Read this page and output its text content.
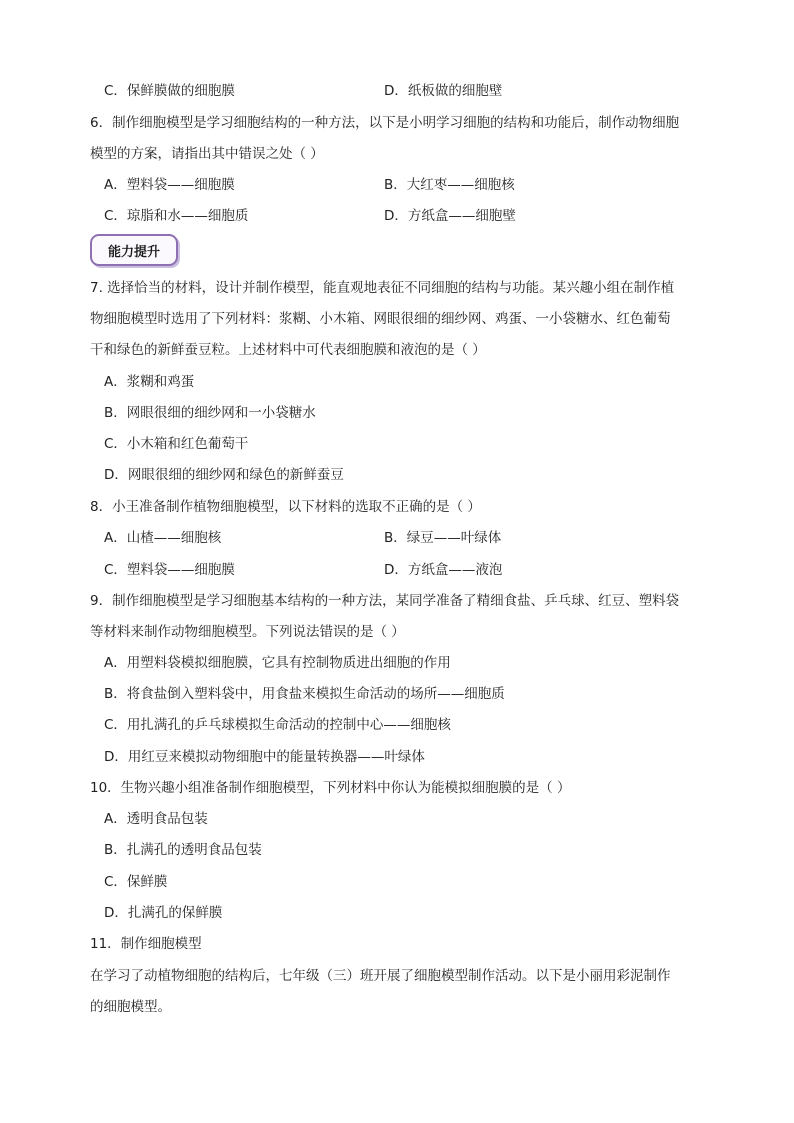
C．保鲜膜做的细胞膜	D．纸板做的细胞壁
6．制作细胞模型是学习细胞结构的一种方法，以下是小明学习细胞的结构和功能后，制作动物细胞
模型的方案，请指出其中错误之处（ ）
A．塑料袋——细胞膜	B．大红枣——细胞核
C．琼脂和水——细胞质	D．方纸盒——细胞壁
能力提升
7. 选择恰当的材料，设计并制作模型，能直观地表征不同细胞的结构与功能。某兴趣小组在制作植
物细胞模型时选用了下列材料：浆糊、小木箱、网眼很细的细纱网、鸡蛋、一小袋糖水、红色葡萄
干和绿色的新鲜蚕豆粒。上述材料中可代表细胞膜和液泡的是（ ）
A．浆糊和鸡蛋
B．网眼很细的细纱网和一小袋糖水
C．小木箱和红色葡萄干
D．网眼很细的细纱网和绿色的新鲜蚕豆
8．小王准备制作植物细胞模型，以下材料的选取不正确的是（ ）
A．山楂——细胞核	B．绿豆——叶绿体
C．塑料袋——细胞膜	D．方纸盒——液泡
9．制作细胞模型是学习细胞基本结构的一种方法，某同学准备了精细食盐、乒乓球、红豆、塑料袋
等材料来制作动物细胞模型。下列说法错误的是（ ）
A．用塑料袋模拟细胞膜，它具有控制物质进出细胞的作用
B．将食盐倒入塑料袋中，用食盐来模拟生命活动的场所——细胞质
C．用扎满孔的乒乓球模拟生命活动的控制中心——细胞核
D．用红豆来模拟动物细胞中的能量转换器——叶绿体
10．生物兴趣小组准备制作细胞模型，下列材料中你认为能模拟细胞膜的是（ ）
A．透明食品包装
B．扎满孔的透明食品包装
C．保鲜膜
D．扎满孔的保鲜膜
11．制作细胞模型
在学习了动植物细胞的结构后，七年级（三）班开展了细胞模型制作活动。以下是小丽用彩泥制作
的细胞模型。
